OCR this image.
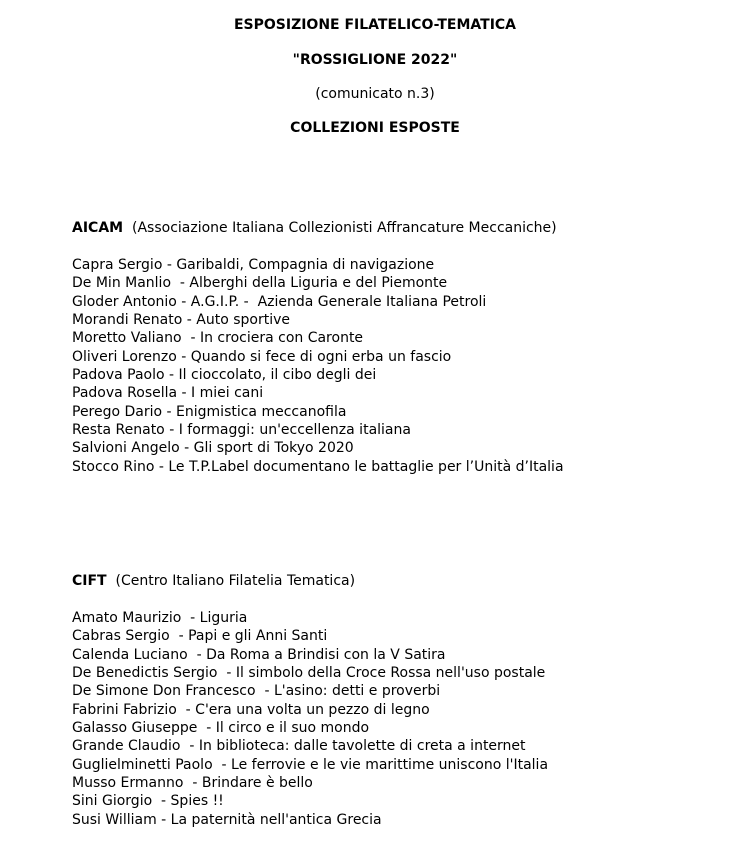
ESPOSIZIONE FILATELICO-TEMATICA
"ROSSIGLIONE 2022"
(comunicato n.3)
COLLEZIONI ESPOSTE
AICAM (Associazione Italiana Collezionisti Affrancature Meccaniche)
Capra Sergio - Garibaldi, Compagnia di navigazione
De Min Manlio  - Alberghi della Liguria e del Piemonte
Gloder Antonio - A.G.I.P. -  Azienda Generale Italiana Petroli
Morandi Renato - Auto sportive
Moretto Valiano  - In crociera con Caronte
Oliveri Lorenzo - Quando si fece di ogni erba un fascio
Padova Paolo - Il cioccolato, il cibo degli dei
Padova Rosella - I miei cani
Perego Dario - Enigmistica meccanofila
Resta Renato - I formaggi: un'eccellenza italiana
Salvioni Angelo - Gli sport di Tokyo 2020
Stocco Rino - Le T.P.Label documentano le battaglie per l’Unità d’Italia
CIFT (Centro Italiano Filatelia Tematica)
Amato Maurizio  - Liguria
Cabras Sergio  - Papi e gli Anni Santi
Calenda Luciano  - Da Roma a Brindisi con la V Satira
De Benedictis Sergio  - Il simbolo della Croce Rossa nell'uso postale
De Simone Don Francesco  - L'asino: detti e proverbi
Fabrini Fabrizio  - C'era una volta un pezzo di legno
Galasso Giuseppe  - Il circo e il suo mondo
Grande Claudio  - In biblioteca: dalle tavolette di creta a internet
Guglielminetti Paolo  - Le ferrovie e le vie marittime uniscono l'Italia
Musso Ermanno  - Brindare è bello
Sini Giorgio  - Spies !!
Susi William - La paternità nell'antica Grecia
